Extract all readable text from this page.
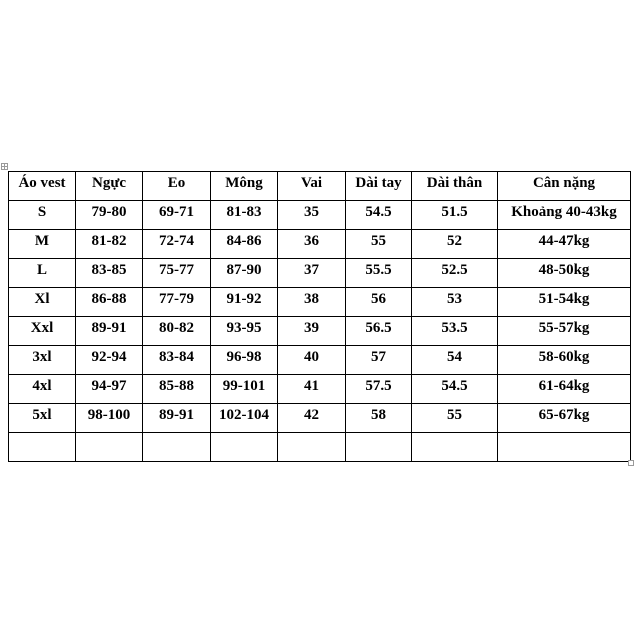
Áo vest	Ngực	Eo	Mông	Vai	Dài tay	Dài thân	Cân nặng
S	79-80	69-71	81-83	35	54.5	51.5	Khoảng 40-43kg
M	81-82	72-74	84-86	36	55	52	44-47kg
L	83-85	75-77	87-90	37	55.5	52.5	48-50kg
Xl	86-88	77-79	91-92	38	56	53	51-54kg
Xxl	89-91	80-82	93-95	39	56.5	53.5	55-57kg
3xl	92-94	83-84	96-98	40	57	54	58-60kg
4xl	94-97	85-88	99-101	41	57.5	54.5	61-64kg
5xl	98-100	89-91	102-104	42	58	55	65-67kg
